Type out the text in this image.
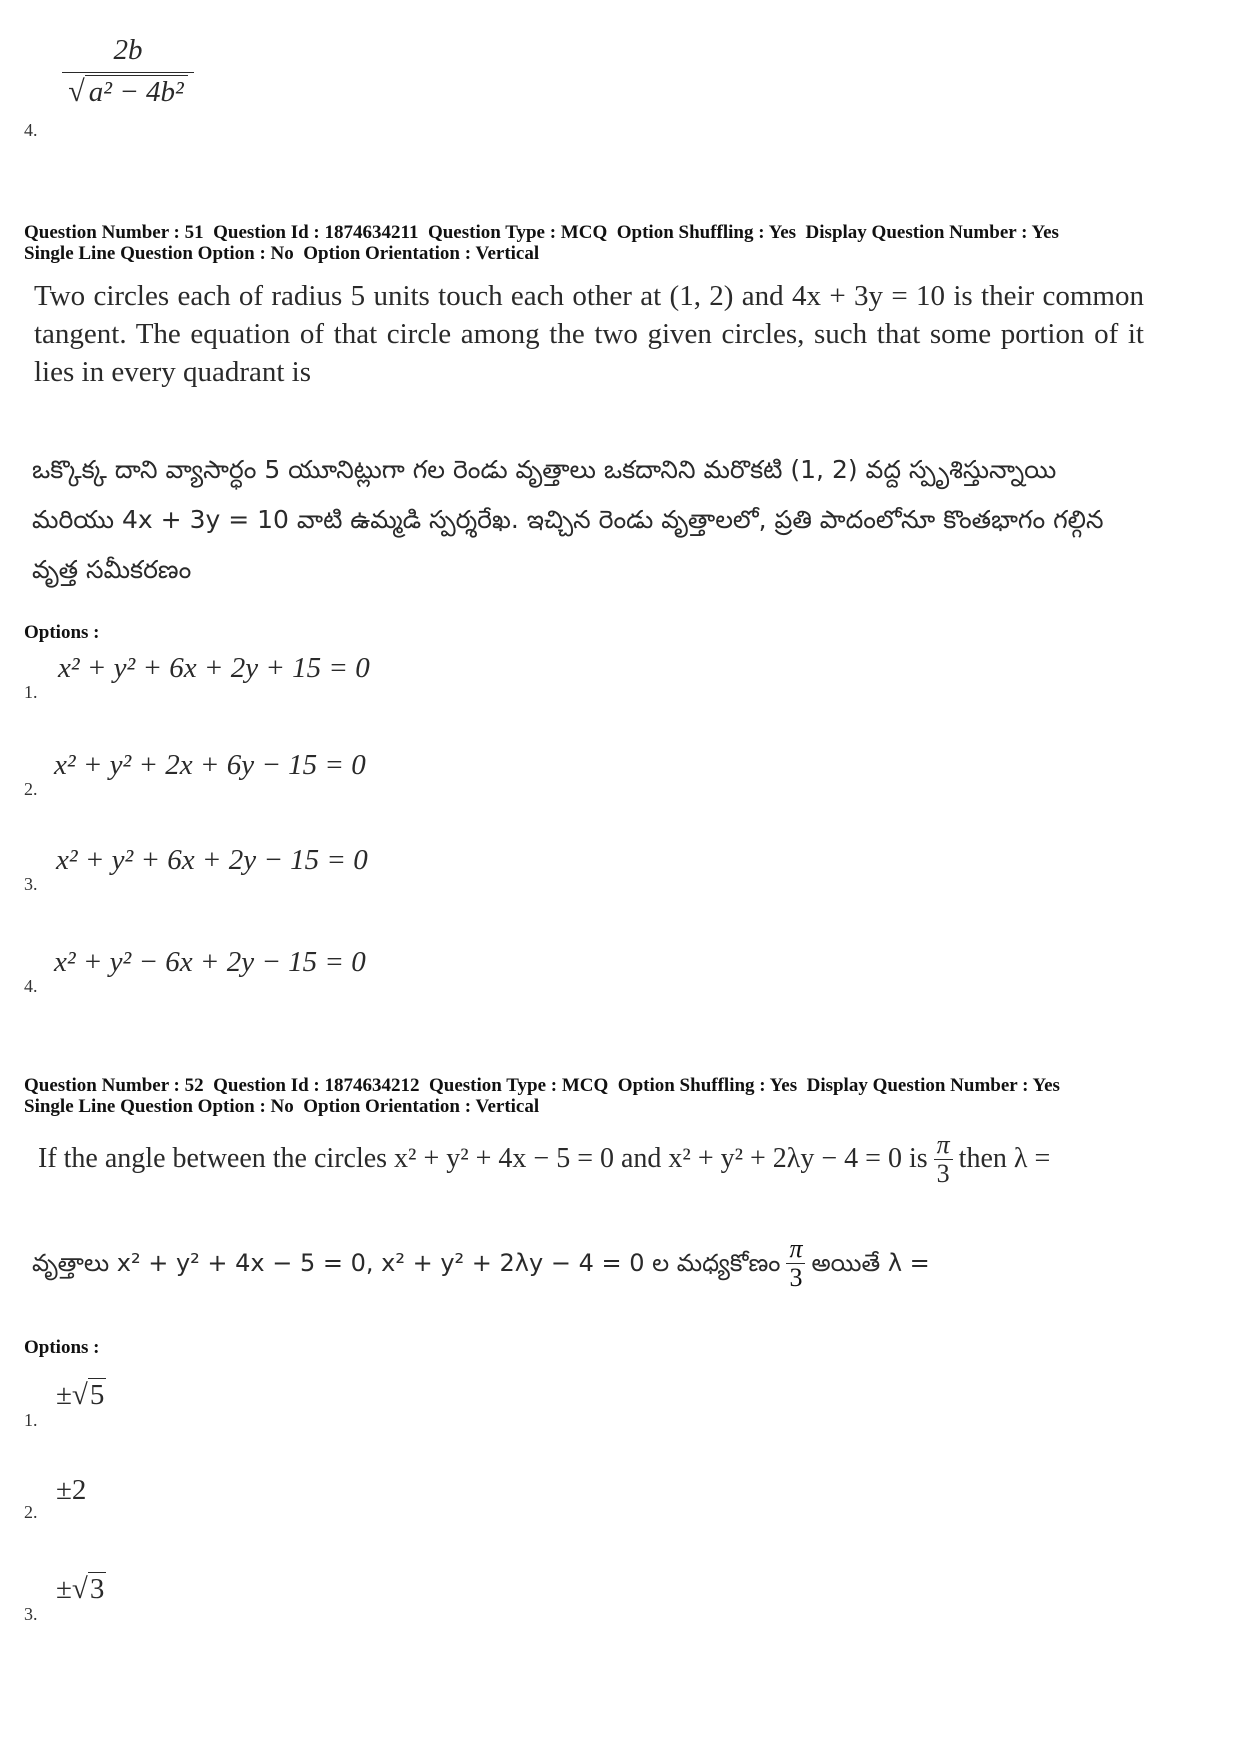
4.
2b
√ a² − 4b²
Question Number : 51  Question Id : 1874634211  Question Type : MCQ  Option Shuffling : Yes  Display Question Number : Yes
Single Line Question Option : No  Option Orientation : Vertical
Two circles each of radius 5 units touch each other at (1, 2) and 4x + 3y = 10 is their common tangent. The equation of that circle among the two given circles, such that some portion of it lies in every quadrant is
ఒక్కొక్క దాని వ్యాసార్ధం 5 యూనిట్లుగా గల రెండు వృత్తాలు ఒకదానిని మరొకటి (1, 2) వద్ద స్పృశిస్తున్నాయి మరియు 4x + 3y = 10 వాటి ఉమ్మడి స్పర్శరేఖ. ఇచ్చిన రెండు వృత్తాలలో, ప్రతి పాదంలోనూ కొంతభాగం గల్గిన వృత్త సమీకరణం
Options :
1.
x² + y² + 6x + 2y + 15 = 0
2.
x² + y² + 2x + 6y − 15 = 0
3.
x² + y² + 6x + 2y − 15 = 0
4.
x² + y² − 6x + 2y − 15 = 0
Question Number : 52  Question Id : 1874634212  Question Type : MCQ  Option Shuffling : Yes  Display Question Number : Yes
Single Line Question Option : No  Option Orientation : Vertical
If the angle between the circles x² + y² + 4x − 5 = 0 and x² + y² + 2λy − 4 = 0 is $\frac{\pi}{3}$ then λ =
వృత్తాలు x² + y² + 4x − 5 = 0, x² + y² + 2λy − 4 = 0 ల మధ్యకోణం $\frac{\pi}{3}$ అయితే λ =
Options :
1.
± √ 5
2.
±2
3.
± √ 3
